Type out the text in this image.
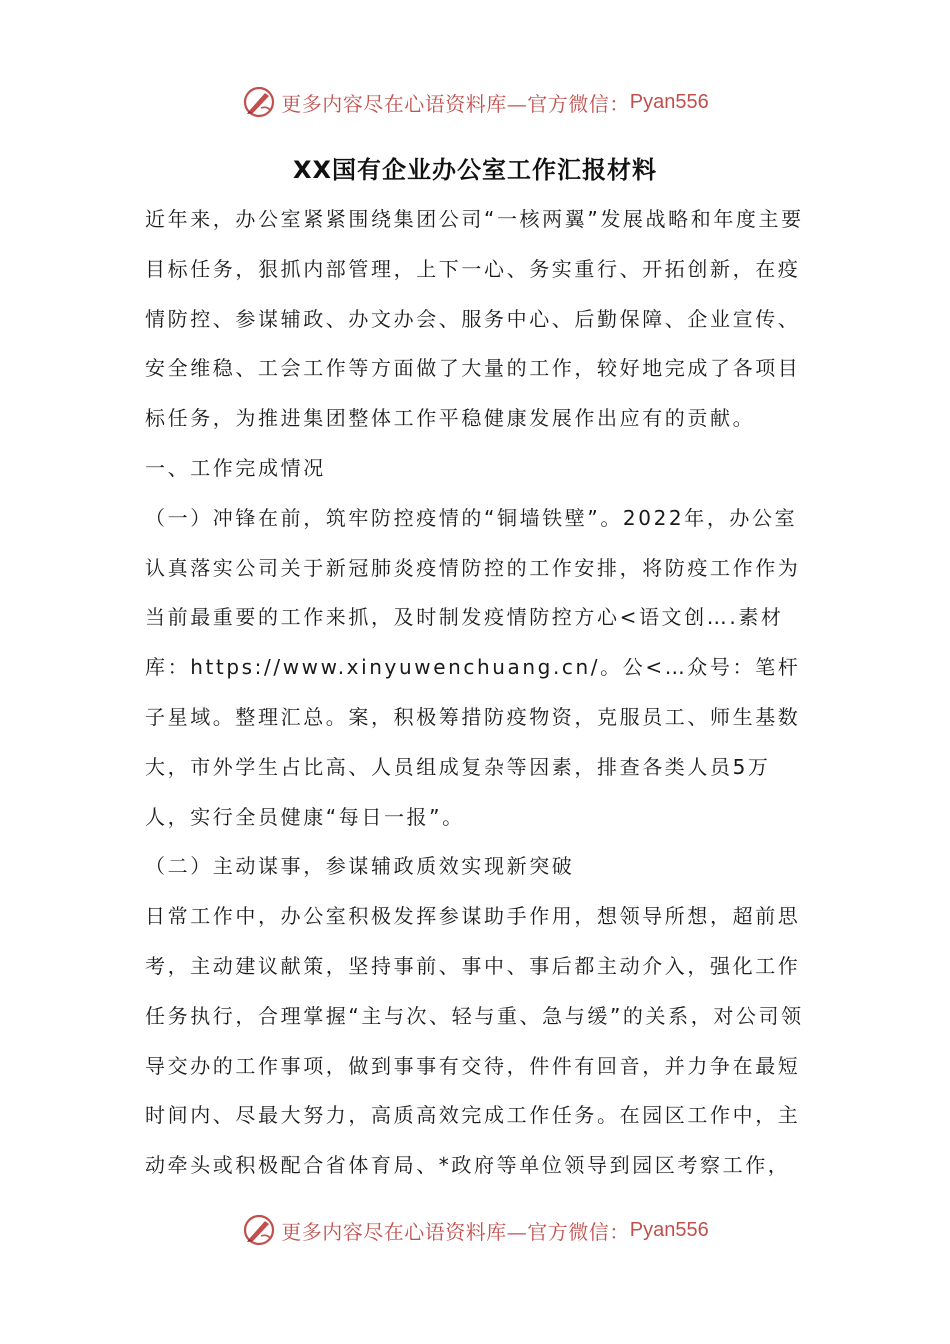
更多内容尽在心语资料库—官方微信： Pyan556
XX国有企业办公室工作汇报材料

近年来，办公室紧紧围绕集团公司“一核两翼”发展战略和年度主要目标任务，狠抓内部管理，上下一心、务实重行、开拓创新，在疫情防控、参谋辅政、办文办会、服务中心、后勤保障、企业宣传、安全维稳、工会工作等方面做了大量的工作，较好地完成了各项目标任务，为推进集团整体工作平稳健康发展作出应有的贡献。

一、工作完成情况

（一）冲锋在前，筑牢防控疫情的“铜墙铁壁”。2022年，办公室认真落实公司关于新冠肺炎疫情防控的工作安排，将防疫工作作为当前最重要的工作来抓，及时制发疫情防控方心<语文创….素材库：https://www.xinyuwenchuang.cn/。公<…众号：笔杆子星域。整理汇总。案，积极筹措防疫物资，克服员工、师生基数大，市外学生占比高、人员组成复杂等因素，排查各类人员5万人，实行全员健康“每日一报”。

（二）主动谋事，参谋辅政质效实现新突破

日常工作中，办公室积极发挥参谋助手作用，想领导所想，超前思考，主动建议献策，坚持事前、事中、事后都主动介入，强化工作任务执行，合理掌握“主与次、轻与重、急与缓”的关系，对公司领导交办的工作事项，做到事事有交待，件件有回音，并力争在最短时间内、尽最大努力，高质高效完成工作任务。在园区工作中，主动牵头或积极配合省体育局、*政府等单位领导到园区考察工作，

更多内容尽在心语资料库—官方微信： Pyan556
